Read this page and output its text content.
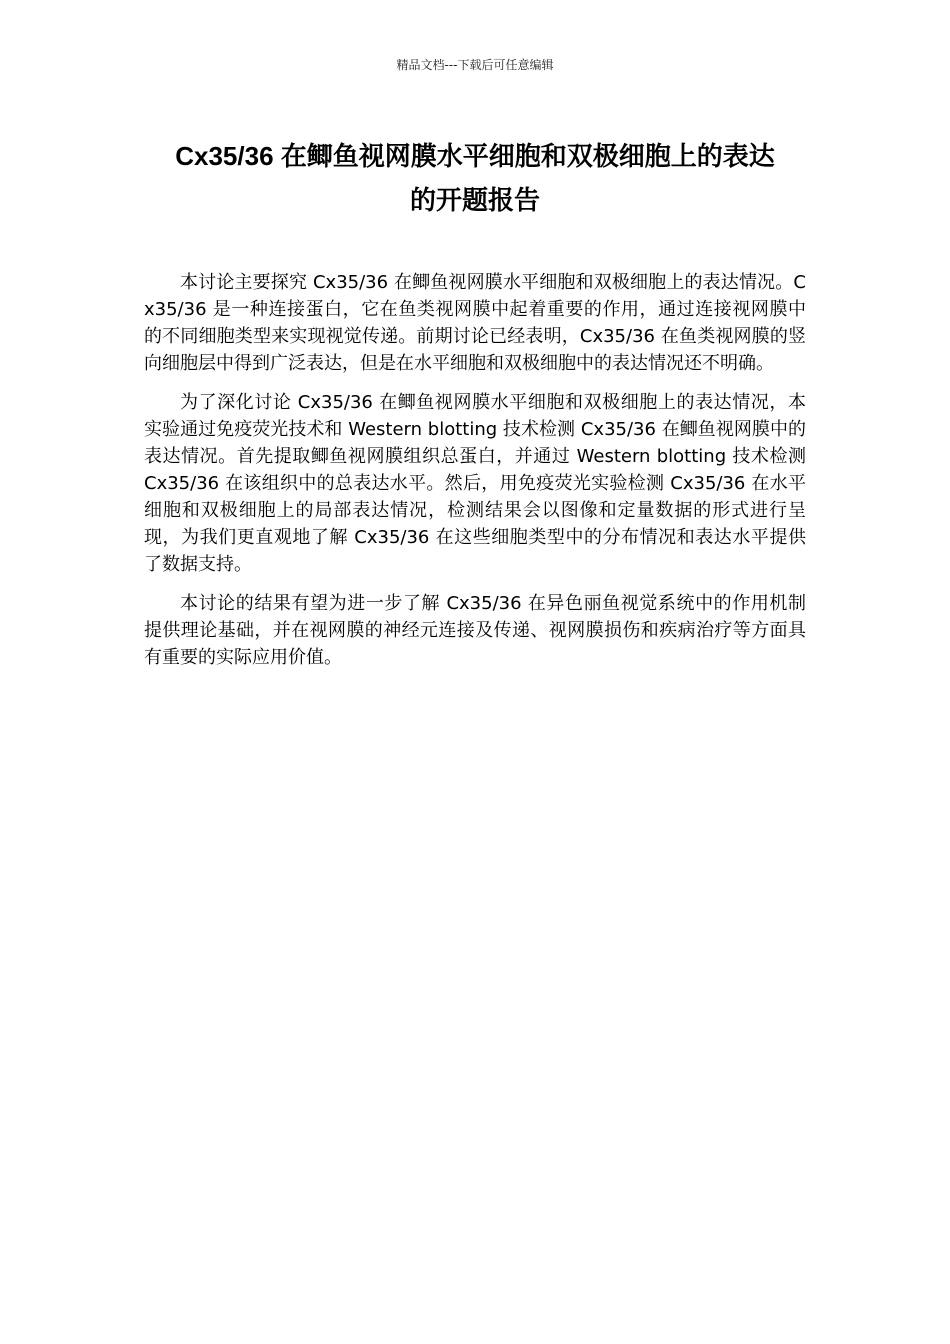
精品文档---下载后可任意编辑
Cx35/36 在鲫鱼视网膜水平细胞和双极细胞上的表达
的开题报告

本讨论主要探究 Cx35/36 在鲫鱼视网膜水平细胞和双极细胞上的表达情况。Cx35/36 是一种连接蛋白，它在鱼类视网膜中起着重要的作用，通过连接视网膜中的不同细胞类型来实现视觉传递。前期讨论已经表明，Cx35/36 在鱼类视网膜的竖向细胞层中得到广泛表达，但是在水平细胞和双极细胞中的表达情况还不明确。

为了深化讨论 Cx35/36 在鲫鱼视网膜水平细胞和双极细胞上的表达情况，本实验通过免疫荧光技术和 Western blotting 技术检测 Cx35/36 在鲫鱼视网膜中的表达情况。首先提取鲫鱼视网膜组织总蛋白，并通过 Western blotting 技术检测 Cx35/36 在该组织中的总表达水平。然后，用免疫荧光实验检测 Cx35/36 在水平细胞和双极细胞上的局部表达情况，检测结果会以图像和定量数据的形式进行呈现，为我们更直观地了解 Cx35/36 在这些细胞类型中的分布情况和表达水平提供了数据支持。

本讨论的结果有望为进一步了解 Cx35/36 在异色丽鱼视觉系统中的作用机制提供理论基础，并在视网膜的神经元连接及传递、视网膜损伤和疾病治疗等方面具有重要的实际应用价值。
